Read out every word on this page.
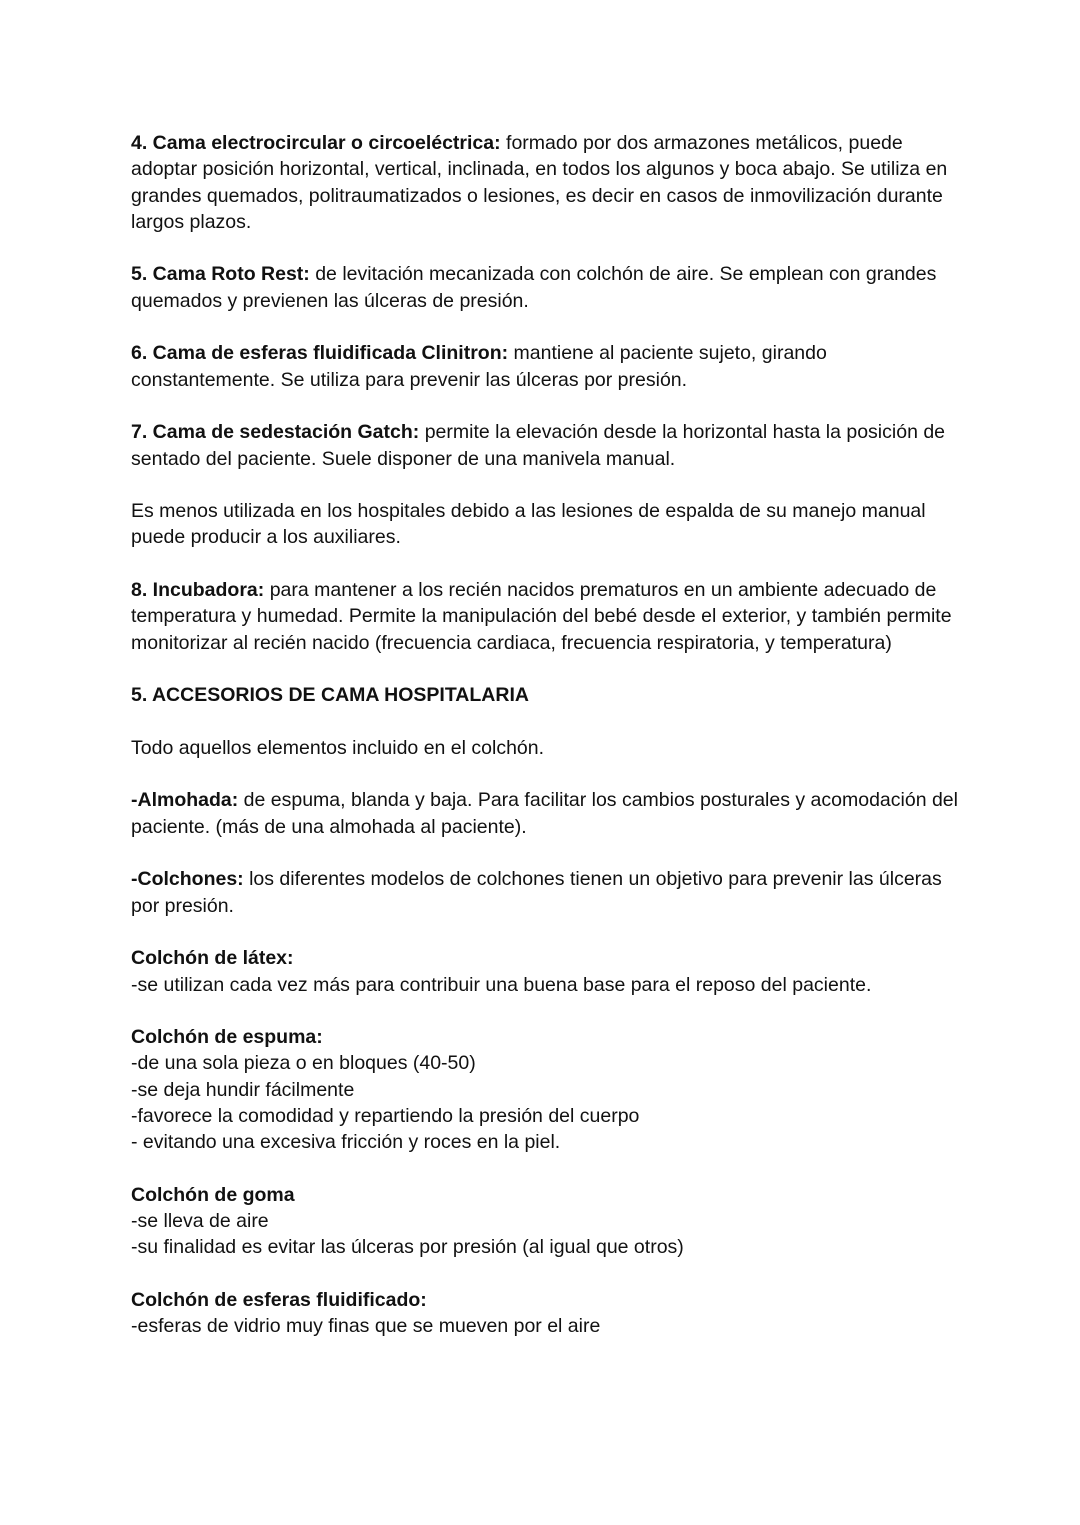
4. Cama electrocircular o circoeléctrica: formado por dos armazones metálicos, puede adoptar posición horizontal, vertical, inclinada, en todos los algunos y boca abajo. Se utiliza en grandes quemados, politraumatizados o lesiones, es decir en casos de inmovilización durante largos plazos.

5. Cama Roto Rest: de levitación mecanizada con colchón de aire. Se emplean con grandes quemados y previenen las úlceras de presión.

6. Cama de esferas fluidificada Clinitron: mantiene al paciente sujeto, girando constantemente. Se utiliza para prevenir las úlceras por presión.

7. Cama de sedestación Gatch: permite la elevación desde la horizontal hasta la posición de sentado del paciente. Suele disponer de una manivela manual.

Es menos utilizada en los hospitales debido a las lesiones de espalda de su manejo manual puede producir a los auxiliares.

8. Incubadora: para mantener a los recién nacidos prematuros en un ambiente adecuado de temperatura y humedad. Permite la manipulación del bebé desde el exterior, y también permite monitorizar al recién nacido (frecuencia cardiaca, frecuencia respiratoria, y temperatura)

5. ACCESORIOS DE CAMA HOSPITALARIA

Todo aquellos elementos incluido en el colchón.

-Almohada: de espuma, blanda y baja. Para facilitar los cambios posturales y acomodación del paciente. (más de una almohada al paciente).

-Colchones: los diferentes modelos de colchones tienen un objetivo para prevenir las úlceras por presión.

Colchón de látex:

-se utilizan cada vez más para contribuir una buena base para el reposo del paciente.

Colchón de espuma:

-de una sola pieza o en bloques (40-50)

-se deja hundir fácilmente

-favorece la comodidad y repartiendo la presión del cuerpo

- evitando una excesiva fricción y roces en la piel.

Colchón de goma

-se lleva de aire

-su finalidad es evitar las úlceras por presión (al igual que otros)

Colchón de esferas fluidificado:

-esferas de vidrio muy finas que se mueven por el aire
